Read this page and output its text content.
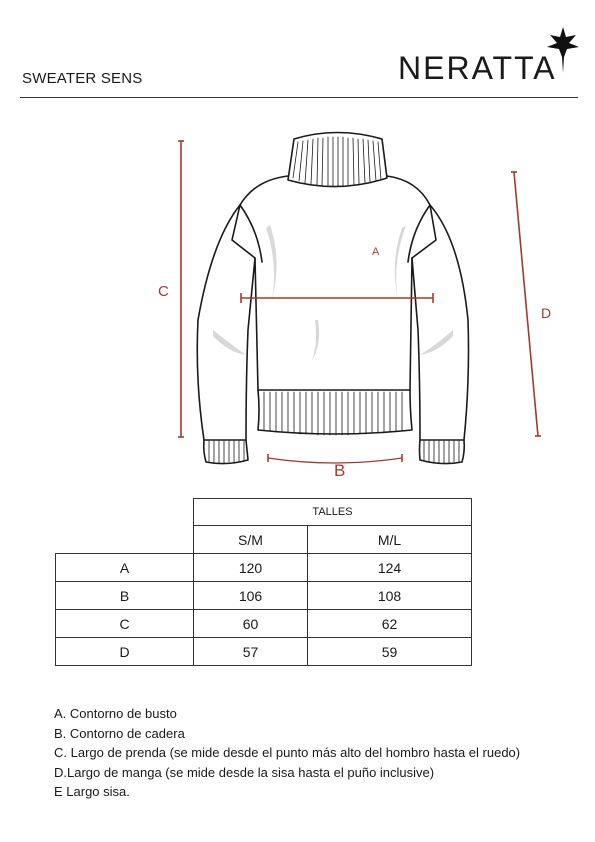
SWEATER SENS	NERATTA
A
C
D
B
	TALLES	
	S/M	M/L
A	120	124
B	106	108
C	60	62
D	57	59
A. Contorno de busto
B. Contorno de cadera
C. Largo de prenda (se mide desde el punto más alto del hombro hasta el ruedo)
D.Largo de manga (se mide desde la sisa hasta el puño inclusive)
E Largo sisa.
